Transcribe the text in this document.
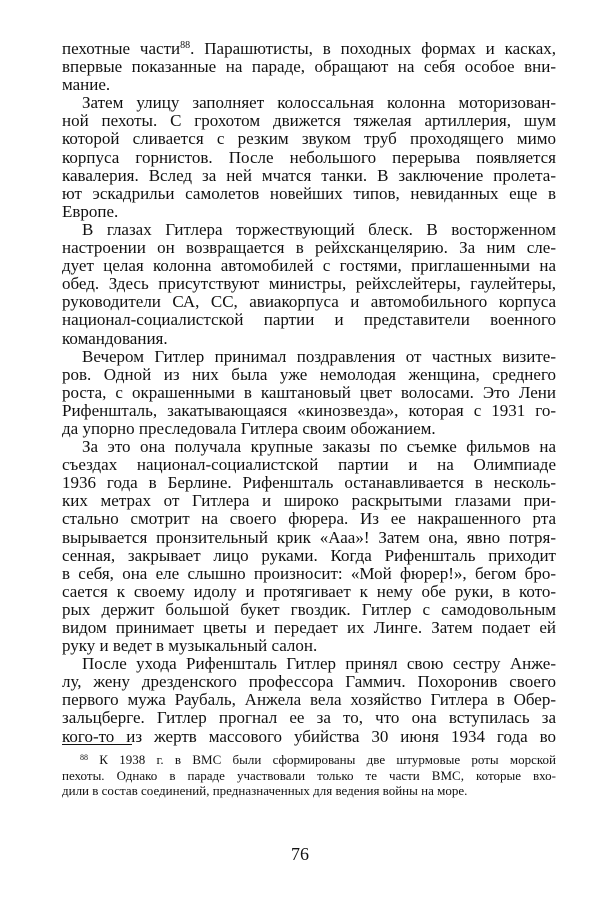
пехотные части$^{88}$. Парашютисты, в походных формах и касках,
впервые показанные на параде, обращают на себя особое вни-
мание.
Затем улицу заполняет колоссальная колонна моторизован-
ной пехоты. С грохотом движется тяжелая артиллерия, шум
которой сливается с резким звуком труб проходящего мимо
корпуса горнистов. После небольшого перерыва появляется
кавалерия. Вслед за ней мчатся танки. В заключение пролета-
ют эскадрильи самолетов новейших типов, невиданных еще в
Европе.
В глазах Гитлера торжествующий блеск. В восторженном
настроении он возвращается в рейхсканцелярию. За ним сле-
дует целая колонна автомобилей с гостями, приглашенными на
обед. Здесь присутствуют министры, рейхслейтеры, гаулейтеры,
руководители СА, СС, авиакорпуса и автомобильного корпуса
национал-социалистской партии и представители военного
командования.
Вечером Гитлер принимал поздравления от частных визите-
ров. Одной из них была уже немолодая женщина, среднего
роста, с окрашенными в каштановый цвет волосами. Это Лени
Рифеншталь, закатывающаяся «кинозвезда», которая с 1931 го-
да упорно преследовала Гитлера своим обожанием.
За это она получала крупные заказы по съемке фильмов на
съездах национал-социалистской партии и на Олимпиаде
1936 года в Берлине. Рифеншталь останавливается в несколь-
ких метрах от Гитлера и широко раскрытыми глазами при-
стально смотрит на своего фюрера. Из ее накрашенного рта
вырывается пронзительный крик «Ааа»! Затем она, явно потря-
сенная, закрывает лицо руками. Когда Рифеншталь приходит
в себя, она еле слышно произносит: «Мой фюрер!», бегом бро-
сается к своему идолу и протягивает к нему обе руки, в кото-
рых держит большой букет гвоздик. Гитлер с самодовольным
видом принимает цветы и передает их Линге. Затем подает ей
руку и ведет в музыкальный салон.
После ухода Рифеншталь Гитлер принял свою сестру Анже-
лу, жену дрезденского профессора Гаммич. Похоронив своего
первого мужа Раубаль, Анжела вела хозяйство Гитлера в Обер-
зальцберге. Гитлер прогнал ее за то, что она вступилась за
кого-то из жертв массового убийства 30 июня 1934 года во
$^{88}$ К 1938 г. в ВМС были сформированы две штурмовые роты морской
пехоты. Однако в параде участвовали только те части ВМС, которые вхо-
дили в состав соединений, предназначенных для ведения войны на море.
76
